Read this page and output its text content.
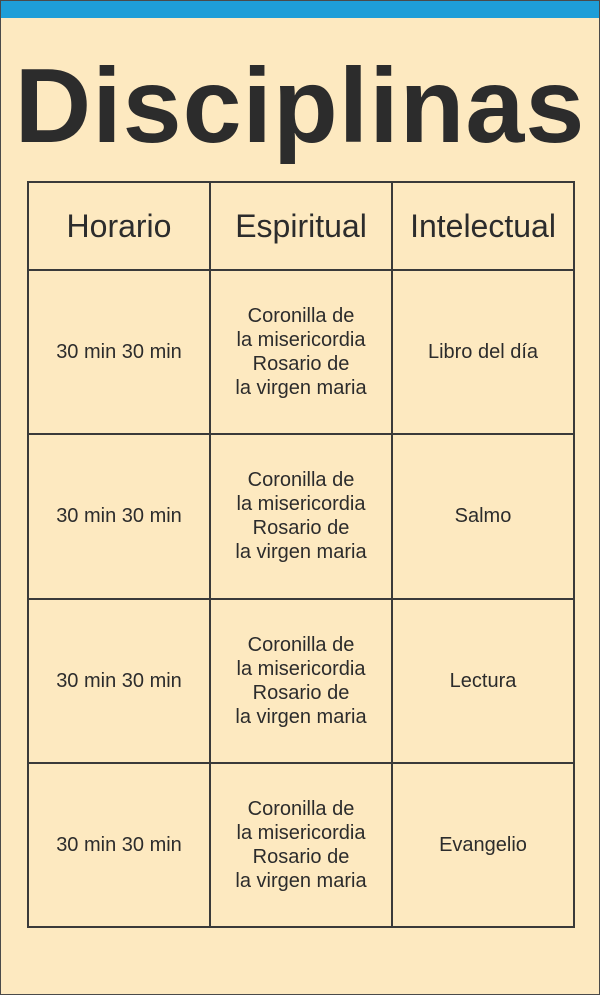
Disciplinas
Horario	Espiritual	Intelectual
30 min 30 min	Coronilla de
la misericordia
Rosario de
la virgen maria	Libro del día
30 min 30 min	Coronilla de
la misericordia
Rosario de
la virgen maria	Salmo
30 min 30 min	Coronilla de
la misericordia
Rosario de
la virgen maria	Lectura
30 min 30 min	Coronilla de
la misericordia
Rosario de
la virgen maria	Evangelio
